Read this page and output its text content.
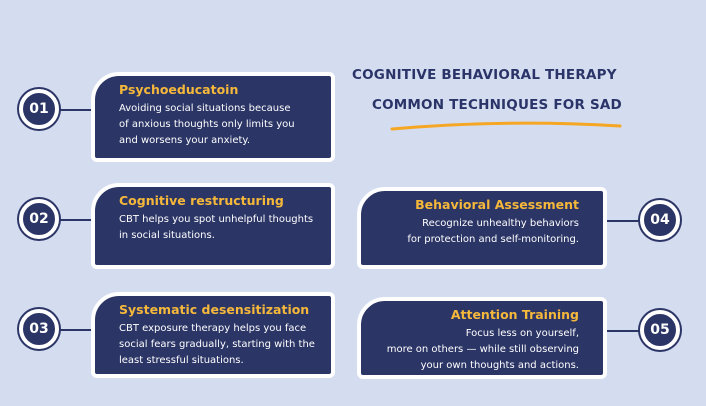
COGNITIVE BEHAVIORAL THERAPY
COMMON TECHNIQUES FOR SAD
Psychoeducatoin
Avoiding social situations because
of anxious thoughts only limits you
and worsens your anxiety.
01
Cognitive restructuring
CBT helps you spot unhelpful thoughts
in social situations.
02
Systematic desensitization
CBT exposure therapy helps you face
social fears gradually, starting with the
least stressful situations.
03
Behavioral Assessment
Recognize unhealthy behaviors
for protection and self-monitoring.
04
Attention Training
Focus less on yourself,
more on others — while still observing
your own thoughts and actions.
05
